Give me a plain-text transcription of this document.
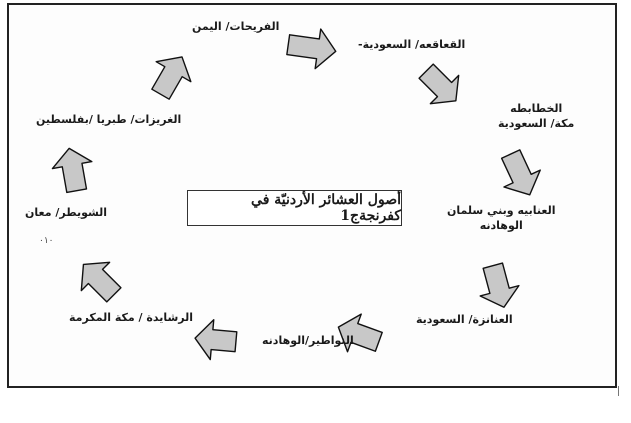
الفريحات/ اليمن
القعاقعه/ السعودية-
الخطابطه
مكة/ السعودية
العنابيه وبني سلمان
الوهادنه
العنانزة/ السعودية
النواطير/الوهادنه
الرشايدة / مكة المكرمة
الشويطر/ معان
الغريزات/ طبريا /بفلسطين
٠١٠
أصول العشائر الأردنيّة في كفرنجةج1
